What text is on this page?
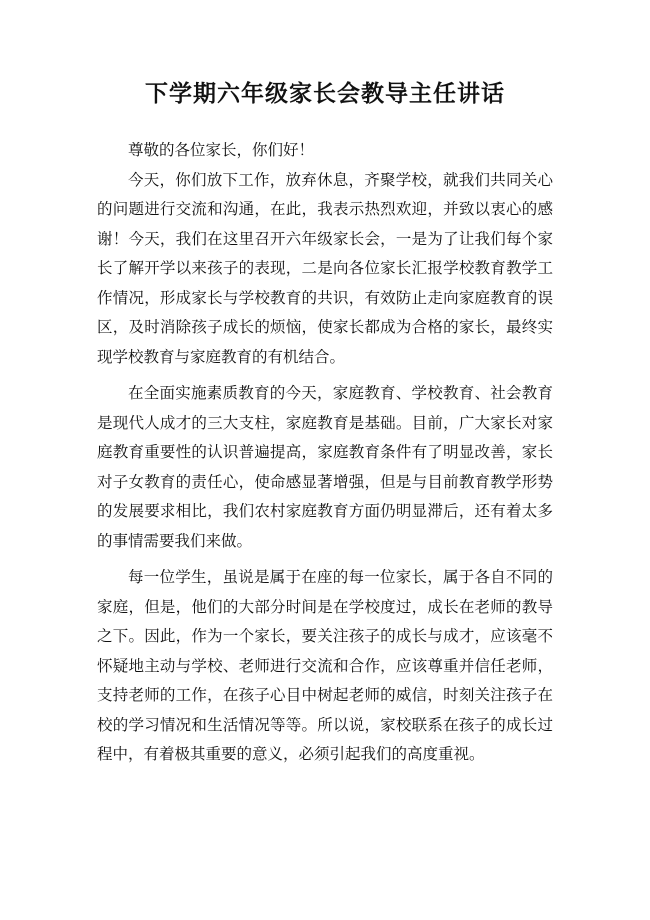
下学期六年级家长会教导主任讲话

尊敬的各位家长，你们好！

今天，你们放下工作，放弃休息，齐聚学校，就我们共同关心的问题进行交流和沟通，在此，我表示热烈欢迎，并致以衷心的感谢！今天，我们在这里召开六年级家长会，一是为了让我们每个家长了解开学以来孩子的表现，二是向各位家长汇报学校教育教学工作情况，形成家长与学校教育的共识，有效防止走向家庭教育的误区，及时消除孩子成长的烦恼，使家长都成为合格的家长，最终实现学校教育与家庭教育的有机结合。

在全面实施素质教育的今天，家庭教育、学校教育、社会教育是现代人成才的三大支柱，家庭教育是基础。目前，广大家长对家庭教育重要性的认识普遍提高，家庭教育条件有了明显改善，家长对子女教育的责任心，使命感显著增强，但是与目前教育教学形势的发展要求相比，我们农村家庭教育方面仍明显滞后，还有着太多的事情需要我们来做。

每一位学生，虽说是属于在座的每一位家长，属于各自不同的家庭，但是，他们的大部分时间是在学校度过，成长在老师的教导之下。因此，作为一个家长，要关注孩子的成长与成才，应该毫不怀疑地主动与学校、老师进行交流和合作，应该尊重并信任老师，支持老师的工作，在孩子心目中树起老师的威信，时刻关注孩子在校的学习情况和生活情况等等。所以说，家校联系在孩子的成长过程中，有着极其重要的意义，必须引起我们的高度重视。
